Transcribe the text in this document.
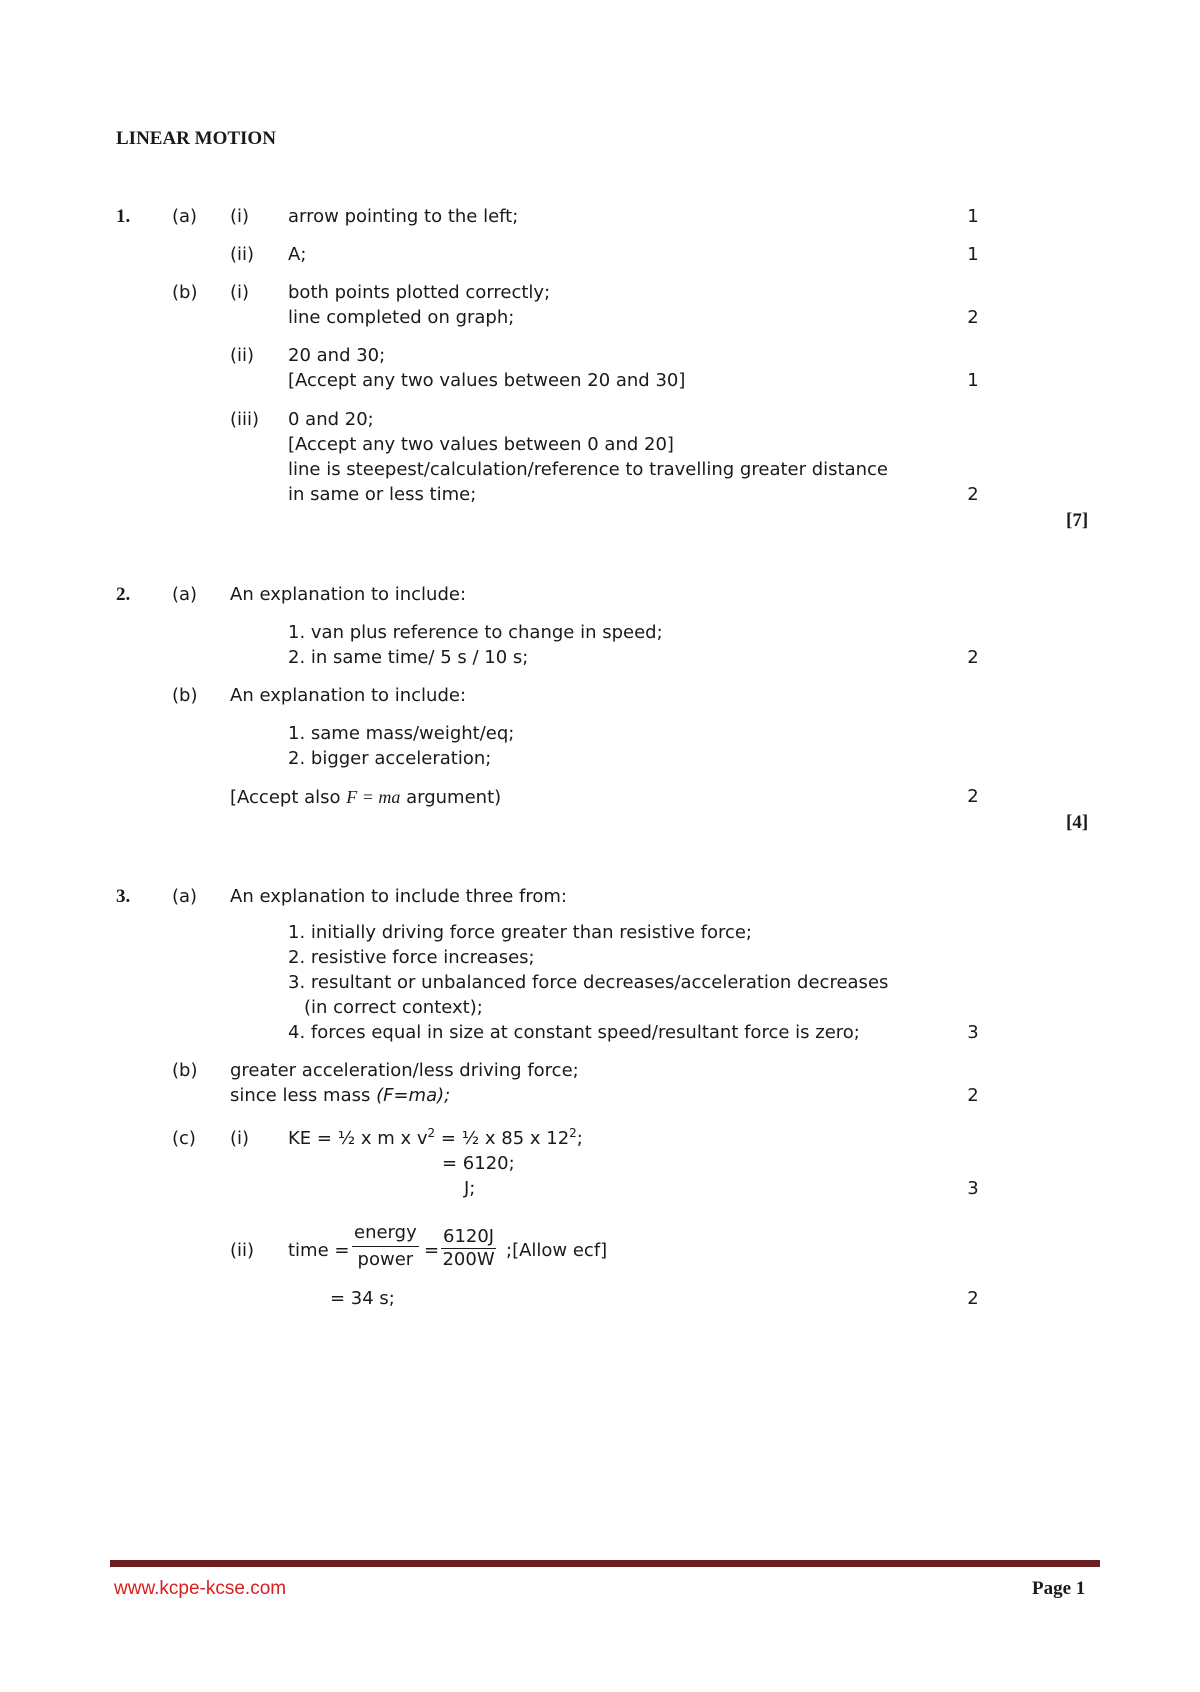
LINEAR MOTION
1. (a) (i) arrow pointing to the left;	1
(ii) A;	1
(b) (i) both points plotted correctly;
line completed on graph;	2
(ii) 20 and 30;
[Accept any two values between 20 and 30]	1
(iii) 0 and 20;
[Accept any two values between 0 and 20]
line is steepest/calculation/reference to travelling greater distance
in same or less time;	2
[7]
2. (a) An explanation to include:
1. van plus reference to change in speed;
2. in same time/ 5 s / 10 s;	2
(b) An explanation to include:
1. same mass/weight/eq;
2. bigger acceleration;
[Accept also F = ma argument)	2
[4]
3. (a) An explanation to include three from:
1. initially driving force greater than resistive force;
2. resistive force increases;
3. resultant or unbalanced force decreases/acceleration decreases
(in correct context);
4. forces equal in size at constant speed/resultant force is zero;	3
(b) greater acceleration/less driving force;
since less mass (F=ma);	2
(c) (i) KE = ½ x m x $v^2$ = ½ x 85 x $12^2$;
= 6120;
J;	3
(ii) time =
energy
power = $\frac{6120J}{200W}$ ;[Allow ecf]
= 34 s;	2
www.kcpe-kcse.com	Page 1
